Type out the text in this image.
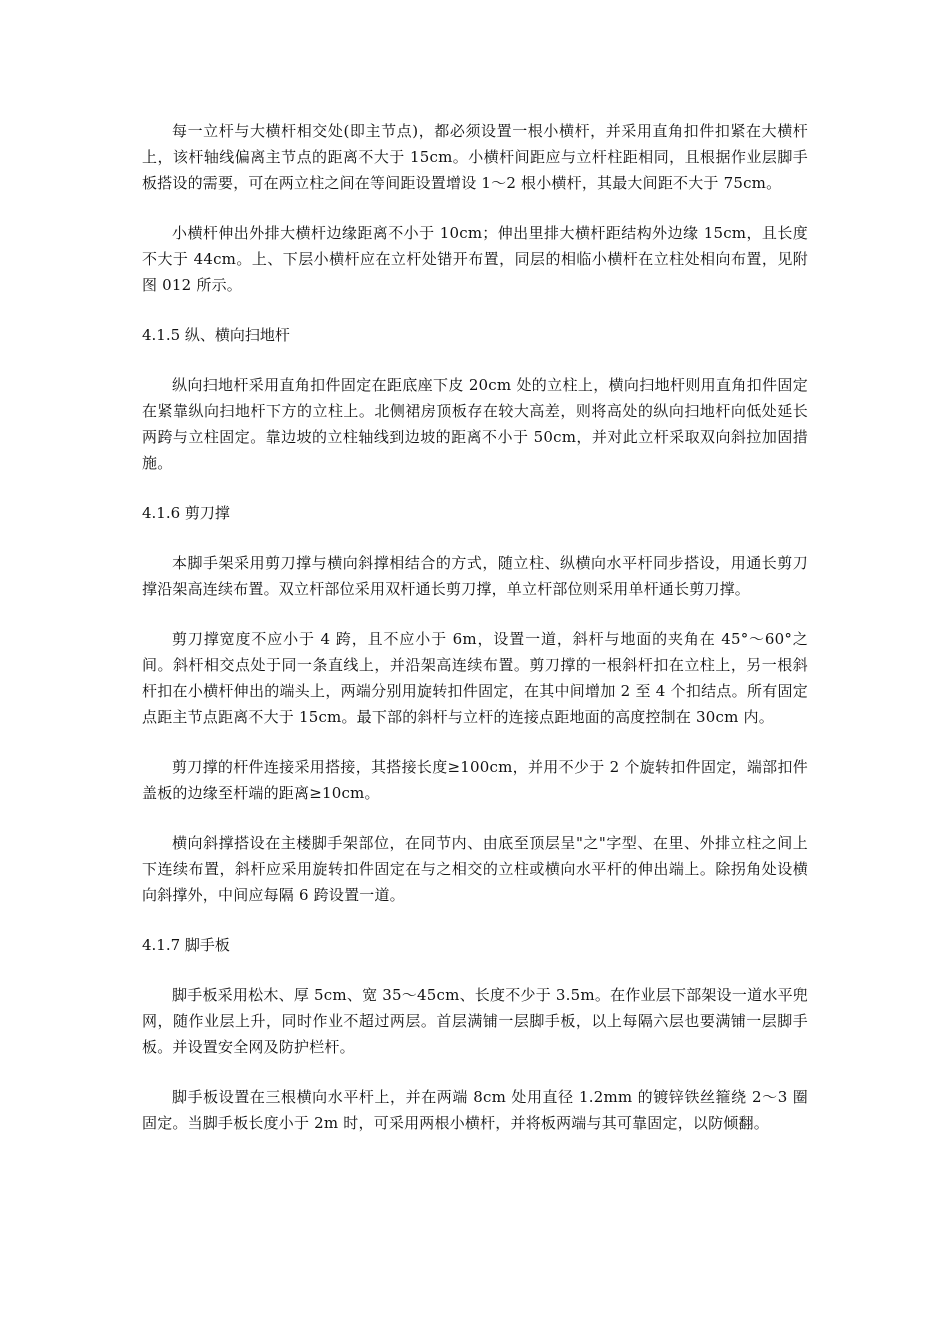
每一立杆与大横杆相交处(即主节点)，都必须设置一根小横杆，并采用直角扣件扣紧在大横杆上，该杆轴线偏离主节点的距离不大于 15cm。小横杆间距应与立杆柱距相同，且根据作业层脚手板搭设的需要，可在两立柱之间在等间距设置增设 1～2 根小横杆，其最大间距不大于 75cm。

小横杆伸出外排大横杆边缘距离不小于 10cm；伸出里排大横杆距结构外边缘 15cm，且长度不大于 44cm。上、下层小横杆应在立杆处错开布置，同层的相临小横杆在立柱处相向布置，见附图 012 所示。

4.1.5 纵、横向扫地杆

纵向扫地杆采用直角扣件固定在距底座下皮 20cm 处的立柱上，横向扫地杆则用直角扣件固定在紧靠纵向扫地杆下方的立柱上。北侧裙房顶板存在较大高差，则将高处的纵向扫地杆向低处延长两跨与立柱固定。靠边坡的立柱轴线到边坡的距离不小于 50cm，并对此立杆采取双向斜拉加固措施。

4.1.6 剪刀撑

本脚手架采用剪刀撑与横向斜撑相结合的方式，随立柱、纵横向水平杆同步搭设，用通长剪刀撑沿架高连续布置。双立杆部位采用双杆通长剪刀撑，单立杆部位则采用单杆通长剪刀撑。

剪刀撑宽度不应小于 4 跨，且不应小于 6m，设置一道，斜杆与地面的夹角在 45°～60°之间。斜杆相交点处于同一条直线上，并沿架高连续布置。剪刀撑的一根斜杆扣在立柱上，另一根斜杆扣在小横杆伸出的端头上，两端分别用旋转扣件固定，在其中间增加 2 至 4 个扣结点。所有固定点距主节点距离不大于 15cm。最下部的斜杆与立杆的连接点距地面的高度控制在 30cm 内。

剪刀撑的杆件连接采用搭接，其搭接长度≥100cm，并用不少于 2 个旋转扣件固定，端部扣件盖板的边缘至杆端的距离≥10cm。

横向斜撑搭设在主楼脚手架部位，在同节内、由底至顶层呈"之"字型、在里、外排立柱之间上下连续布置，斜杆应采用旋转扣件固定在与之相交的立柱或横向水平杆的伸出端上。除拐角处设横向斜撑外，中间应每隔 6 跨设置一道。

4.1.7 脚手板

脚手板采用松木、厚 5cm、宽 35～45cm、长度不少于 3.5m。在作业层下部架设一道水平兜网，随作业层上升，同时作业不超过两层。首层满铺一层脚手板，以上每隔六层也要满铺一层脚手板。并设置安全网及防护栏杆。

脚手板设置在三根横向水平杆上，并在两端 8cm 处用直径 1.2mm 的镀锌铁丝箍绕 2～3 圈固定。当脚手板长度小于 2m 时，可采用两根小横杆，并将板两端与其可靠固定，以防倾翻。
